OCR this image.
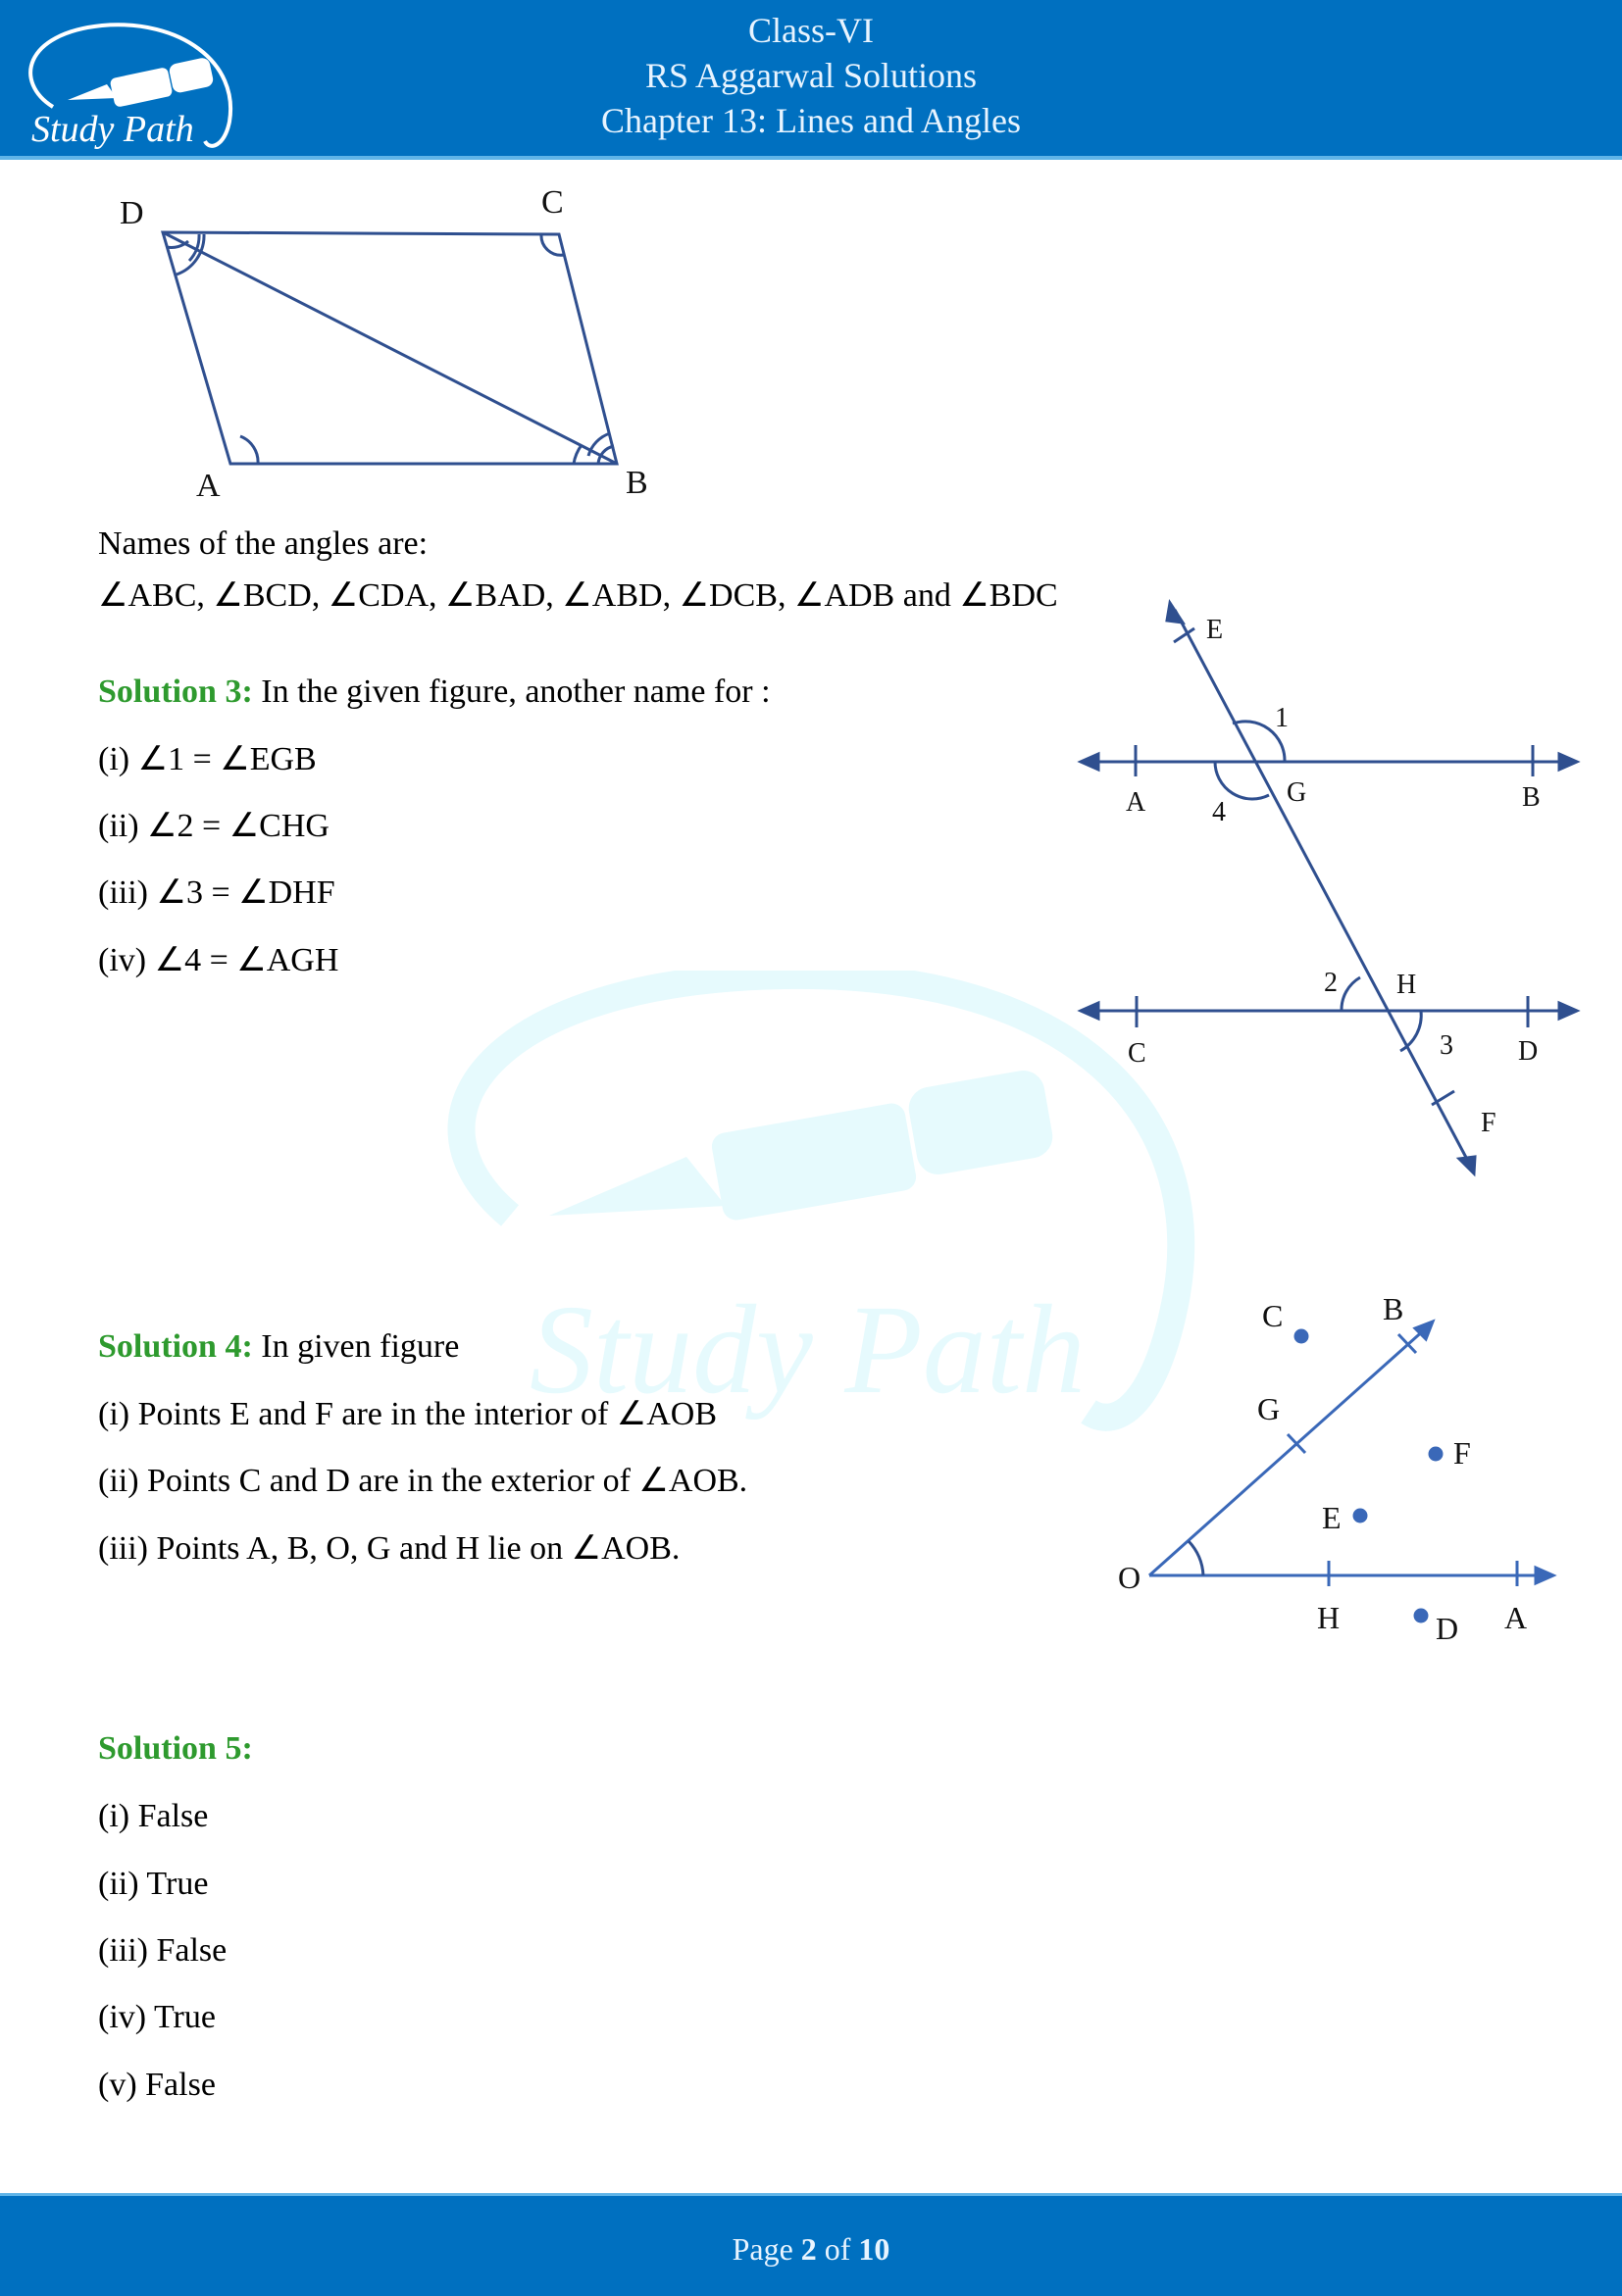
Study Path
Class-VI
RS Aggarwal Solutions
Chapter 13: Lines and Angles
Study Path
D	C
A	B
Names of the angles are:
∠ABC, ∠BCD, ∠CDA, ∠BAD, ∠ABD, ∠DCB, ∠ADB and ∠BDC
Solution 3: In the given figure, another name for :
(i) ∠1 = ∠EGB
(ii) ∠2 = ∠CHG
(iii) ∠3 = ∠DHF
(iv) ∠4 = ∠AGH
E
1
A 4
G	B
2 H
C	3 D
F
Solution 4: In given figure
(i) Points E and F are in the interior of ∠AOB
(ii) Points C and D are in the exterior of ∠AOB.
(iii) Points A, B, O, G and H lie on ∠AOB.
C	B
G
F
E
O
H	D A
Solution 5:
(i) False
(ii) True
(iii) False
(iv) True
(v) False
Page 2 of 10
